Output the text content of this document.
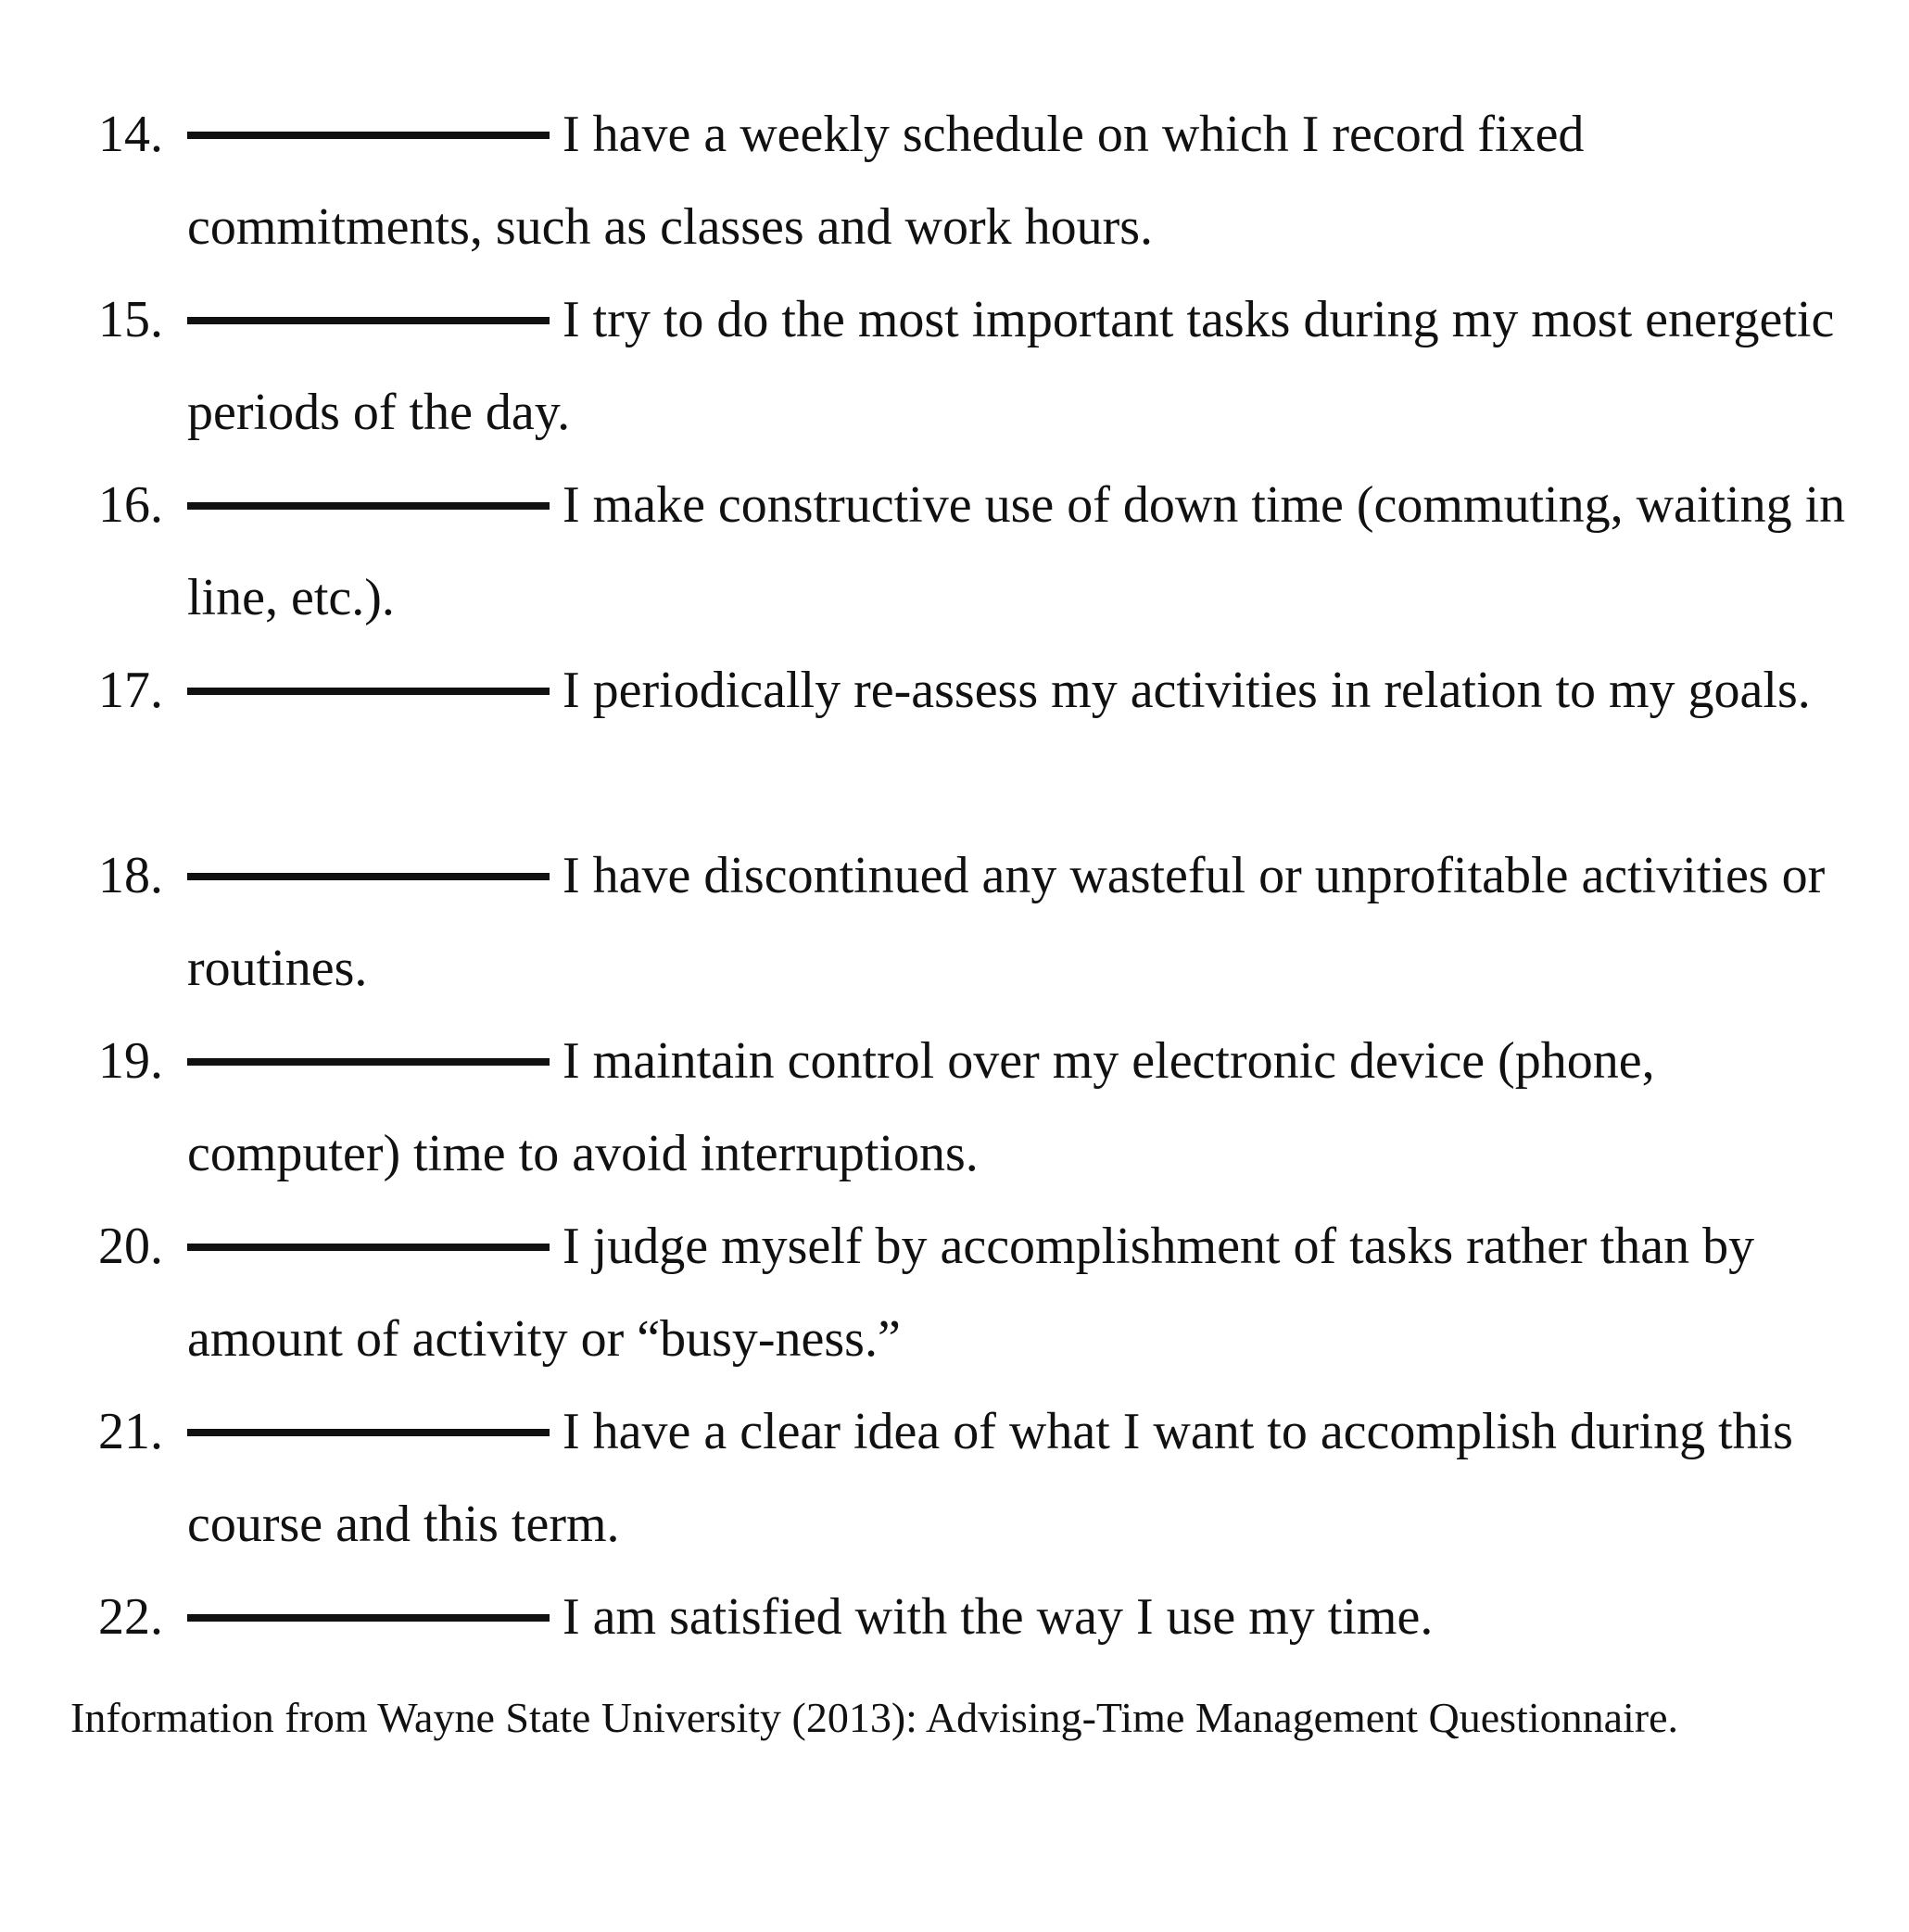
14.	I have a weekly schedule on which I record fixed commitments, such as classes and work hours.
15.	I try to do the most important tasks during my most energetic periods of the day.
16.	I make constructive use of down time (commuting, waiting in line, etc.).
17.	I periodically re-assess my activities in relation to my goals.
18.	I have discontinued any wasteful or unprofitable activities or routines.
19.	I maintain control over my electronic device (phone, computer) time to avoid interruptions.
20.	I judge myself by accomplishment of tasks rather than by amount of activity or “busy-ness.”
21.	I have a clear idea of what I want to accomplish during this course and this term.
22.	I am satisfied with the way I use my time.
Information from Wayne State University (2013): Advising-Time Management Questionnaire.
